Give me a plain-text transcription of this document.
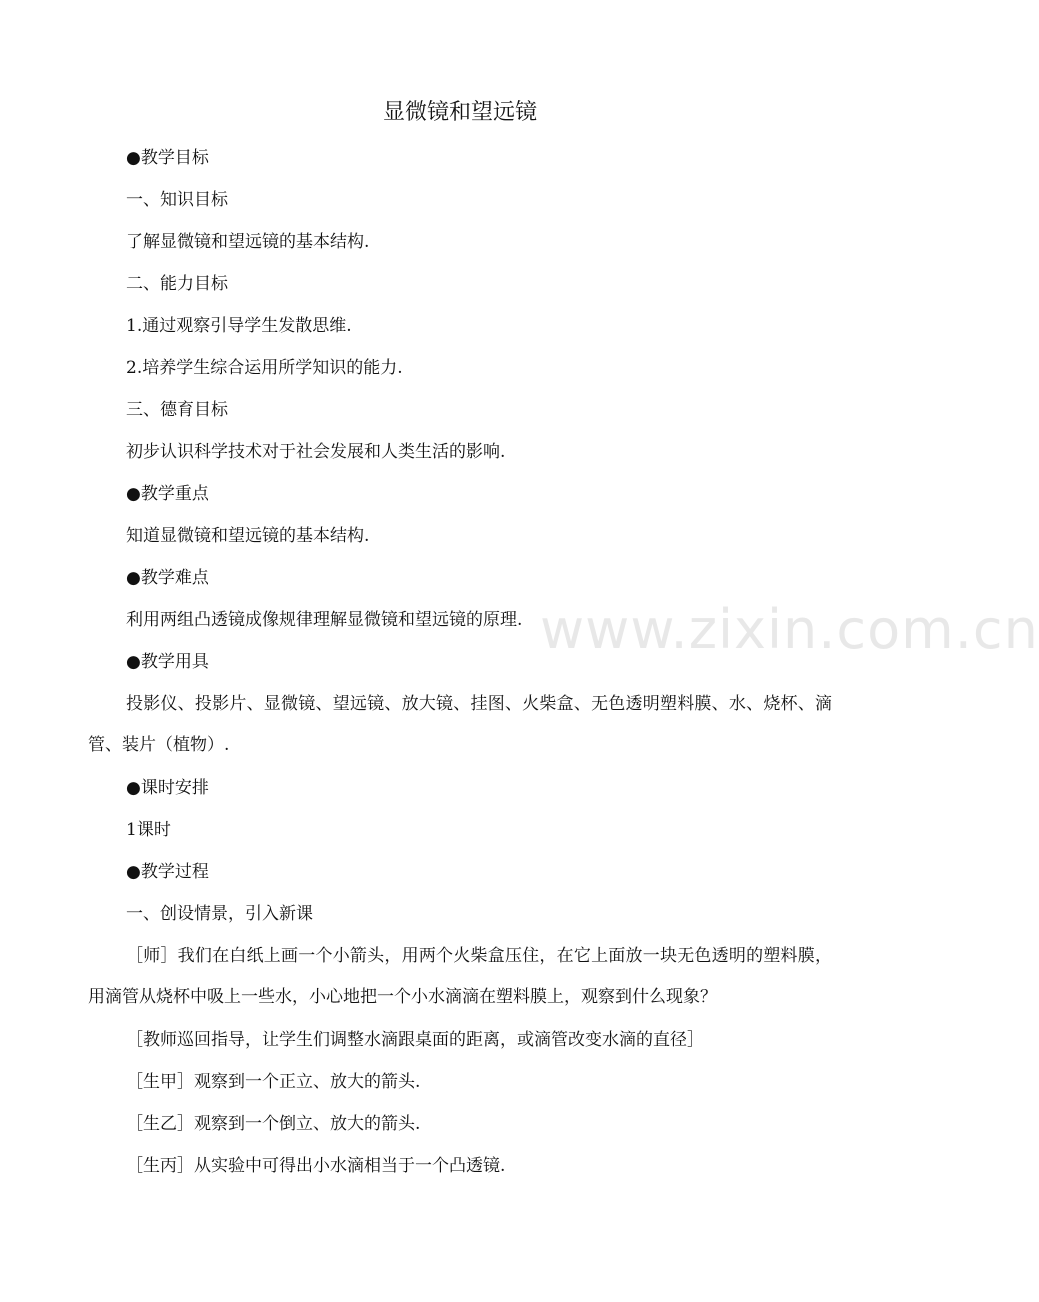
显微镜和望远镜

●教学目标

一、知识目标

了解显微镜和望远镜的基本结构.

二、能力目标

1.通过观察引导学生发散思维.

2.培养学生综合运用所学知识的能力.

三、德育目标

初步认识科学技术对于社会发展和人类生活的影响.

●教学重点

知道显微镜和望远镜的基本结构.

●教学难点

利用两组凸透镜成像规律理解显微镜和望远镜的原理.

●教学用具

投影仪、投影片、显微镜、望远镜、放大镜、挂图、火柴盒、无色透明塑料膜、水、烧杯、滴管、装片（植物）.

●课时安排

1课时

●教学过程

一、创设情景，引入新课

［师］我们在白纸上画一个小箭头，用两个火柴盒压住，在它上面放一块无色透明的塑料膜，用滴管从烧杯中吸上一些水，小心地把一个小水滴滴在塑料膜上，观察到什么现象？

［教师巡回指导，让学生们调整水滴跟桌面的距离，或滴管改变水滴的直径］

［生甲］观察到一个正立、放大的箭头.

［生乙］观察到一个倒立、放大的箭头.

［生丙］从实验中可得出小水滴相当于一个凸透镜.

www.zixin.com.cn
